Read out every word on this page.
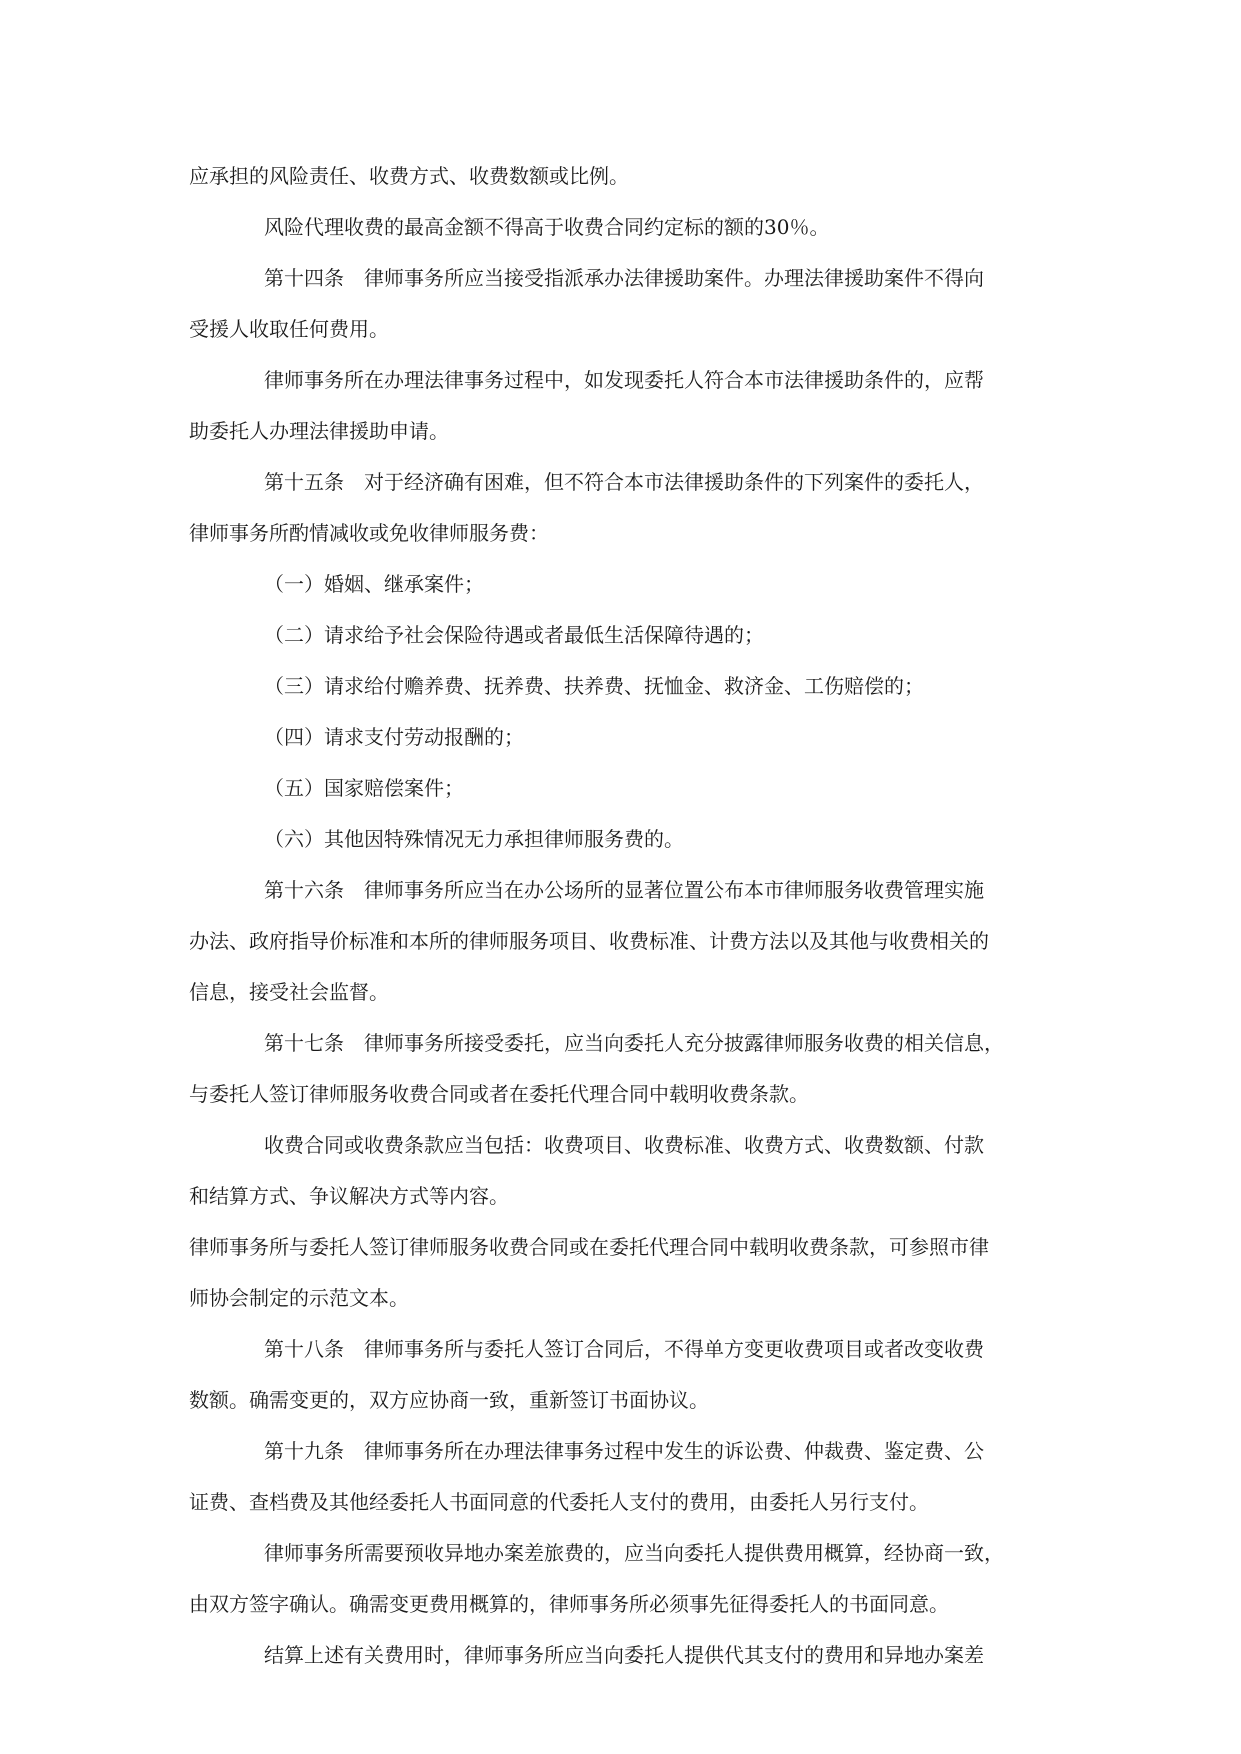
应承担的风险责任、收费方式、收费数额或比例。
风险代理收费的最高金额不得高于收费合同约定标的额的30％。
第十四条　律师事务所应当接受指派承办法律援助案件。办理法律援助案件不得向
受援人收取任何费用。
律师事务所在办理法律事务过程中，如发现委托人符合本市法律援助条件的，应帮
助委托人办理法律援助申请。
第十五条　对于经济确有困难，但不符合本市法律援助条件的下列案件的委托人，
律师事务所酌情减收或免收律师服务费：
（一）婚姻、继承案件；
（二）请求给予社会保险待遇或者最低生活保障待遇的；
（三）请求给付赡养费、抚养费、扶养费、抚恤金、救济金、工伤赔偿的；
（四）请求支付劳动报酬的；
（五）国家赔偿案件；
（六）其他因特殊情况无力承担律师服务费的。
第十六条　律师事务所应当在办公场所的显著位置公布本市律师服务收费管理实施
办法、政府指导价标准和本所的律师服务项目、收费标准、计费方法以及其他与收费相关的
信息，接受社会监督。
第十七条　律师事务所接受委托，应当向委托人充分披露律师服务收费的相关信息，
与委托人签订律师服务收费合同或者在委托代理合同中载明收费条款。
收费合同或收费条款应当包括：收费项目、收费标准、收费方式、收费数额、付款
和结算方式、争议解决方式等内容。
律师事务所与委托人签订律师服务收费合同或在委托代理合同中载明收费条款，可参照市律
师协会制定的示范文本。
第十八条　律师事务所与委托人签订合同后，不得单方变更收费项目或者改变收费
数额。确需变更的，双方应协商一致，重新签订书面协议。
第十九条　律师事务所在办理法律事务过程中发生的诉讼费、仲裁费、鉴定费、公
证费、查档费及其他经委托人书面同意的代委托人支付的费用，由委托人另行支付。
律师事务所需要预收异地办案差旅费的，应当向委托人提供费用概算，经协商一致，
由双方签字确认。确需变更费用概算的，律师事务所必须事先征得委托人的书面同意。
结算上述有关费用时，律师事务所应当向委托人提供代其支付的费用和异地办案差
